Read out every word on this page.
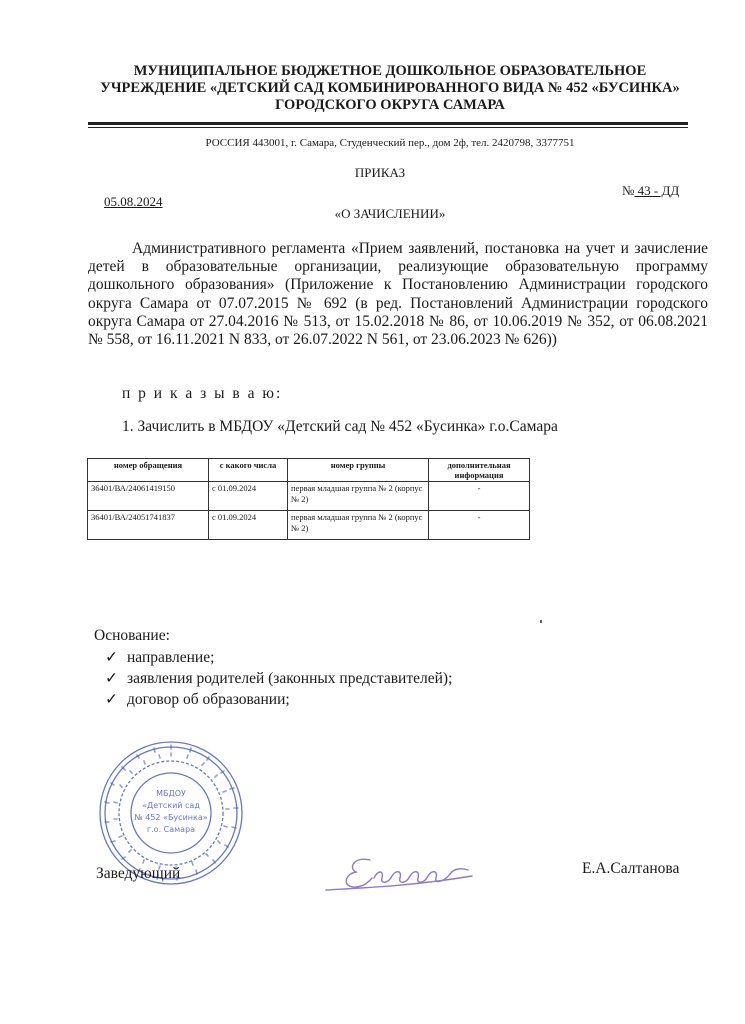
МУНИЦИПАЛЬНОЕ БЮДЖЕТНОЕ ДОШКОЛЬНОЕ ОБРАЗОВАТЕЛЬНОЕ
УЧРЕЖДЕНИЕ «ДЕТСКИЙ САД КОМБИНИРОВАННОГО ВИДА № 452 «БУСИНКА»
ГОРОДСКОГО ОКРУГА САМАРА
РОССИЯ 443001, г. Самара, Студенческий пер., дом 2ф, тел. 2420798, 3377751
ПРИКАЗ
05.08.2024
№ 43 - ДД
«О ЗАЧИСЛЕНИИ»
Административного регламента «Прием заявлений, постановка на учет и зачисление детей в образовательные организации, реализующие образовательную программу дошкольного образования» (Приложение к Постановлению Администрации городского округа Самара от 07.07.2015 № 692 (в ред. Постановлений Администрации городского округа Самара от 27.04.2016 № 513, от 15.02.2018 № 86, от 10.06.2019 № 352, от 06.08.2021 № 558, от 16.11.2021 N 833, от 26.07.2022 N 561, от 23.06.2023 № 626))
п р и к а з ы в а ю:
1. Зачислить в МБДОУ «Детский сад № 452 «Бусинка» г.о.Самара
номер обращения	с какого числа	номер группы	дополнительная информация
36401/ВА/24061419150	с 01.09.2024	первая младшая группа № 2 (корпус № 2)	-
36401/ВА/24051741837	с 01.09.2024	первая младшая группа № 2 (корпус № 2)	-
Основание:
✓ направление;
✓ заявления родителей (законных представителей);
✓ договор об образовании;
МБДОУ
«Детский сад
№ 452 «Бусинка»
г.о. Самара
Заведующий	Е.А.Салтанова
